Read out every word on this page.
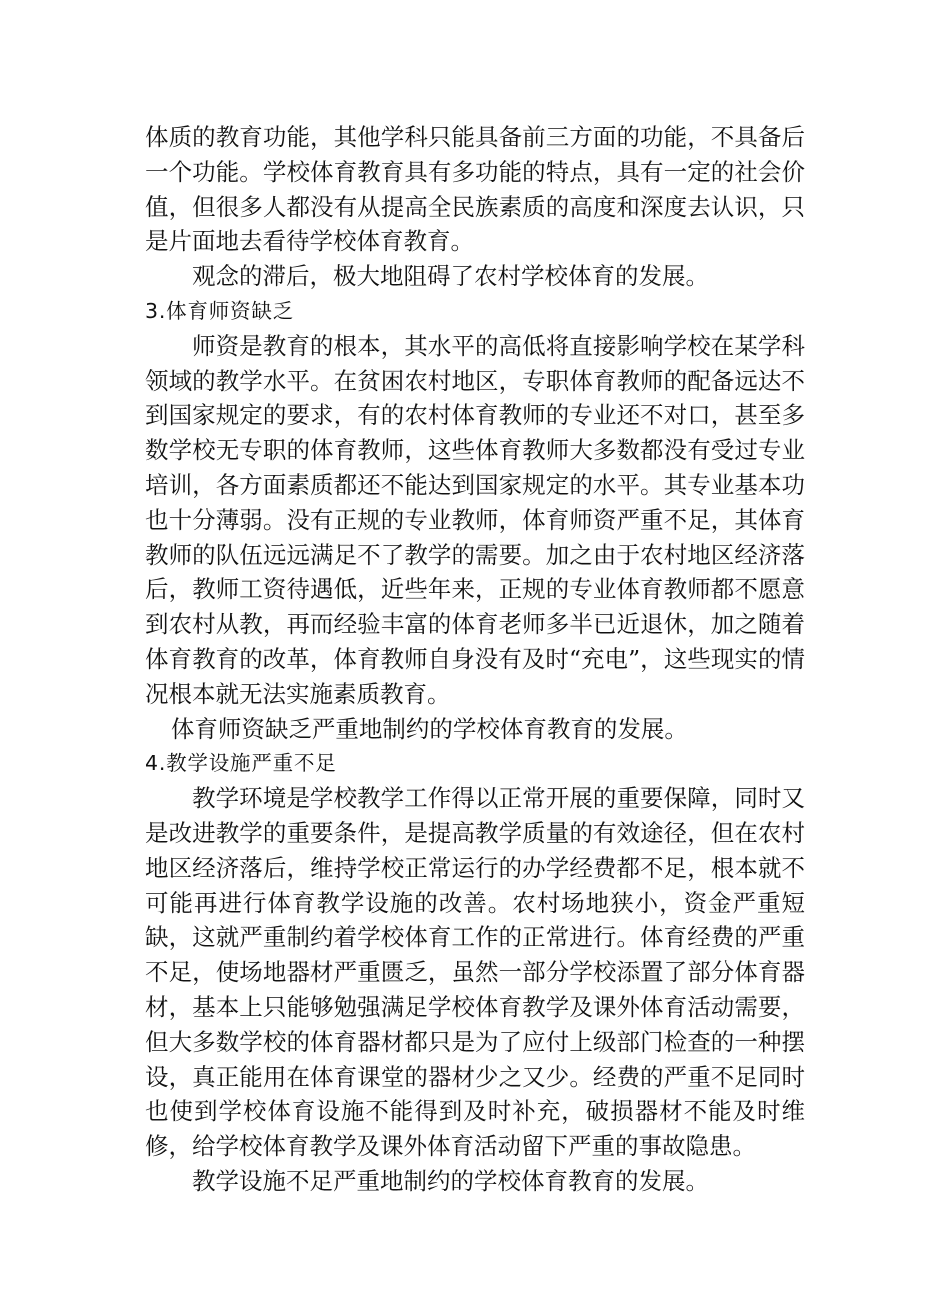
体质的教育功能，其他学科只能具备前三方面的功能，不具备后一个功能。学校体育教育具有多功能的特点，具有一定的社会价值，但很多人都没有从提高全民族素质的高度和深度去认识，只是片面地去看待学校体育教育。

观念的滞后，极大地阻碍了农村学校体育的发展。

3.体育师资缺乏

师资是教育的根本，其水平的高低将直接影响学校在某学科领域的教学水平。在贫困农村地区，专职体育教师的配备远达不到国家规定的要求，有的农村体育教师的专业还不对口，甚至多数学校无专职的体育教师，这些体育教师大多数都没有受过专业培训，各方面素质都还不能达到国家规定的水平。其专业基本功也十分薄弱。没有正规的专业教师，体育师资严重不足，其体育教师的队伍远远满足不了教学的需要。加之由于农村地区经济落后，教师工资待遇低，近些年来，正规的专业体育教师都不愿意到农村从教，再而经验丰富的体育老师多半已近退休，加之随着体育教育的改革，体育教师自身没有及时“充电”，这些现实的情况根本就无法实施素质教育。

体育师资缺乏严重地制约的学校体育教育的发展。

4.教学设施严重不足

教学环境是学校教学工作得以正常开展的重要保障，同时又是改进教学的重要条件，是提高教学质量的有效途径，但在农村地区经济落后，维持学校正常运行的办学经费都不足，根本就不可能再进行体育教学设施的改善。农村场地狭小，资金严重短缺，这就严重制约着学校体育工作的正常进行。体育经费的严重不足，使场地器材严重匮乏，虽然一部分学校添置了部分体育器材，基本上只能够勉强满足学校体育教学及课外体育活动需要，但大多数学校的体育器材都只是为了应付上级部门检查的一种摆设，真正能用在体育课堂的器材少之又少。经费的严重不足同时也使到学校体育设施不能得到及时补充，破损器材不能及时维修，给学校体育教学及课外体育活动留下严重的事故隐患。

教学设施不足严重地制约的学校体育教育的发展。
